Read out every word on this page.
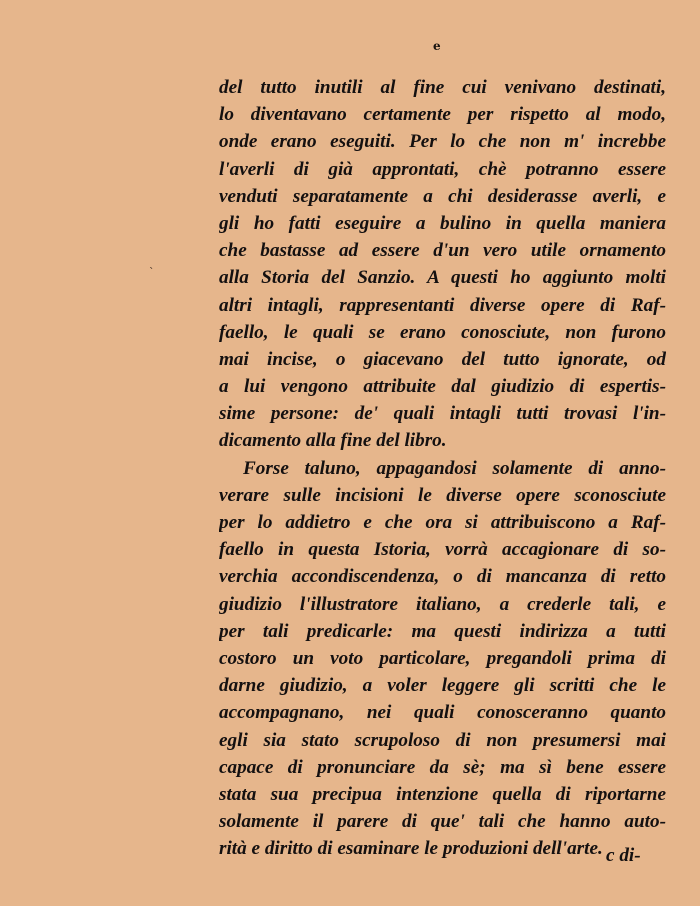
e
`
del tutto inutili al fine cui venivano destinati,
lo diventavano certamente per rispetto al modo,
onde erano eseguiti. Per lo che non m' increbbe
l'averli di già approntati, chè potranno essere
venduti separatamente a chi desiderasse averli, e
gli ho fatti eseguire a bulino in quella maniera
che bastasse ad essere d'un vero utile ornamento
alla Storia del Sanzio. A questi ho aggiunto molti
altri intagli, rappresentanti diverse opere di Raf-
faello, le quali se erano conosciute, non furono
mai incise, o giacevano del tutto ignorate, od
a lui vengono attribuite dal giudizio di espertis-
sime persone: de' quali intagli tutti trovasi l'in-
dicamento alla fine del libro.
Forse taluno, appagandosi solamente di anno-
verare sulle incisioni le diverse opere sconosciute
per lo addietro e che ora si attribuiscono a Raf-
faello in questa Istoria, vorrà accagionare di so-
verchia accondiscendenza, o di mancanza di retto
giudizio l'illustratore italiano, a crederle tali, e
per tali predicarle: ma questi indirizza a tutti
costoro un voto particolare, pregandoli prima di
darne giudizio, a voler leggere gli scritti che le
accompagnano, nei quali conosceranno quanto
egli sia stato scrupoloso di non presumersi mai
capace di pronunciare da sè; ma sì bene essere
stata sua precipua intenzione quella di riportarne
solamente il parere di que' tali che hanno auto-
rità e diritto di esaminare le produzioni dell'arte. c di-
